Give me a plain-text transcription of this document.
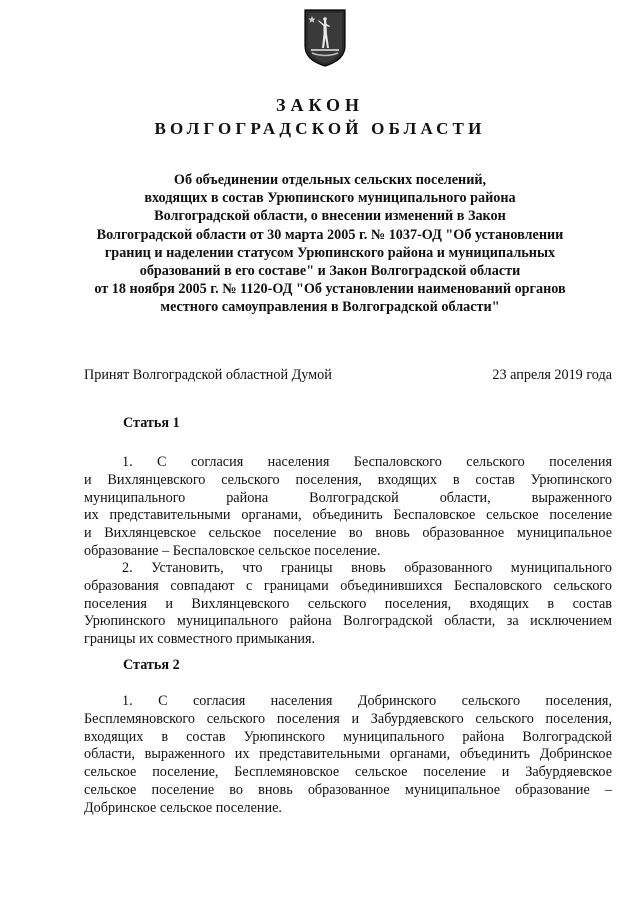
ЗАКОН
ВОЛГОГРАДСКОЙ ОБЛАСТИ
Об объединении отдельных сельских поселений,
входящих в состав Урюпинского муниципального района
Волгоградской области, о внесении изменений в Закон
Волгоградской области от 30 марта 2005 г. № 1037-ОД "Об установлении
границ и наделении статусом Урюпинского района и муниципальных
образований в его составе" и Закон Волгоградской области
от 18 ноября 2005 г. № 1120-ОД "Об установлении наименований органов
местного самоуправления в Волгоградской области"
Принят Волгоградской областной Думой	23 апреля 2019 года
Статья 1
1. С согласия населения Беспаловского сельского поселения
и Вихлянцевского сельского поселения, входящих в состав Урюпинского
муниципального района Волгоградской области, выраженного
их представительными органами, объединить Беспаловское сельское поселение
и Вихлянцевское сельское поселение во вновь образованное муниципальное
образование – Беспаловское сельское поселение.
2. Установить, что границы вновь образованного муниципального
образования совпадают с границами объединившихся Беспаловского сельского
поселения и Вихлянцевского сельского поселения, входящих в состав
Урюпинского муниципального района Волгоградской области, за исключением
границы их совместного примыкания.
Статья 2
1. С согласия населения Добринского сельского поселения,
Бесплемяновского сельского поселения и Забурдяевского сельского поселения,
входящих в состав Урюпинского муниципального района Волгоградской
области, выраженного их представительными органами, объединить Добринское
сельское поселение, Бесплемяновское сельское поселение и Забурдяевское
сельское поселение во вновь образованное муниципальное образование –
Добринское сельское поселение.
